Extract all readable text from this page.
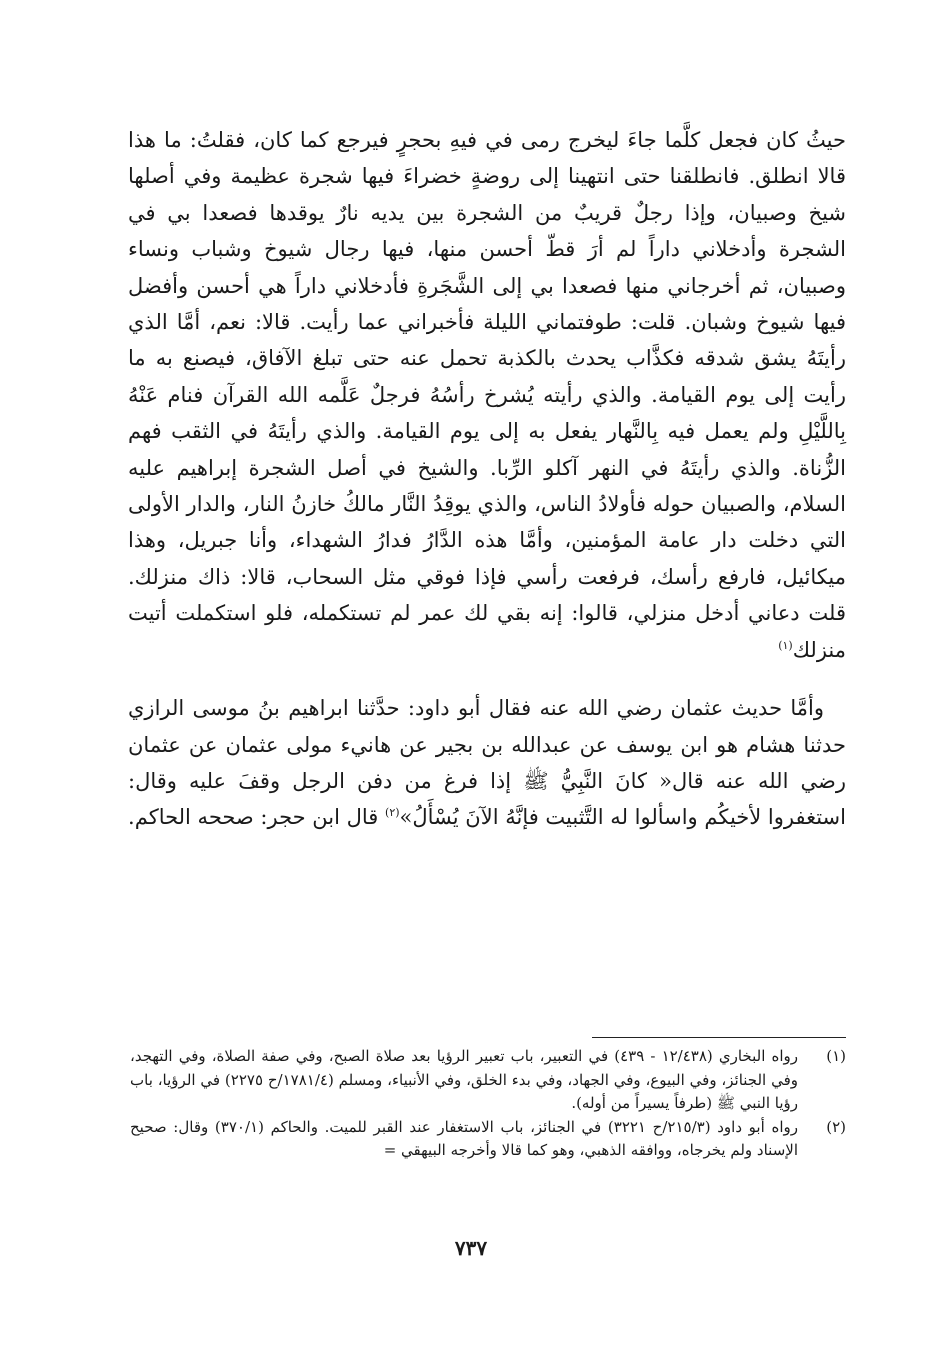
حيثُ كان فجعل كلَّما جاءَ ليخرج رمى في فيهِ بحجرٍ فيرجع كما كان، فقلتُ: ما هذا قالا انطلق. فانطلقنا حتى انتهينا إلى روضةٍ خضراءَ فيها شجرة عظيمة وفي أصلها شيخ وصبيان، وإذا رجلٌ قريبٌ من الشجرة بين يديه نارٌ يوقدها فصعدا بي في الشجرة وأدخلاني داراً لم أرَ قطّ أحسن منها، فيها رجال شيوخ وشباب ونساء وصبيان، ثم أخرجاني منها فصعدا بي إلى الشَّجَرةِ فأدخلاني داراً هي أحسن وأفضل فيها شيوخ وشبان. قلت: طوفتماني الليلة فأخبراني عما رأيت. قالا: نعم، أمَّا الذي رأيتَهُ يشق شدقه فكذَّاب يحدث بالكذبة تحمل عنه حتى تبلغ الآفاق، فيصنع به ما رأيت إلى يوم القيامة. والذي رأيته يُشرخ رأسُهُ فرجلٌ عَلَّمه الله القرآن فنام عَنْهُ بِاللَّيْلِ ولم يعمل فيه بِالنَّهار يفعل به إلى يوم القيامة. والذي رأيتَهُ في الثقب فهم الزُّناة. والذي رأيتَهُ في النهر آكلو الرِّبا. والشيخ في أصل الشجرة إبراهيم عليه السلام، والصبيان حوله فأولادُ الناس، والذي يوقِدُ النَّار مالكُ خازنُ النار، والدار الأولى التي دخلت دار عامة المؤمنين، وأمَّا هذه الدَّارُ فدارُ الشهداء، وأنا جبريل، وهذا ميكائيل، فارفع رأسك، فرفعت رأسي فإذا فوقي مثل السحاب، قالا: ذاك منزلك. قلت دعاني أدخل منزلي، قالوا: إنه بقي لك عمر لم تستكمله، فلو استكملت أتيت منزلك$^{(١)}$

وأمَّا حديث عثمان رضي الله عنه فقال أبو داود: حدَّثنا ابراهيم بنُ موسى الرازي حدثنا هشام هو ابن يوسف عن عبدالله بن بجير عن هانيء مولى عثمان عن عثمان رضي الله عنه قال« كانَ النَّبِيُّ ﷺ إذا فرغ من دفن الرجل وقفَ عليه وقال: استغفروا لأخيكُم واسألوا له التَّثبيت فإنَّهُ الآنَ يُسْأَلُ»$^{(٢)}$ قال ابن حجر: صححه الحاكم.

(١)
رواه البخاري (١٢/٤٣٨ - ٤٣٩) في التعبير، باب تعبير الرؤيا بعد صلاة الصبح، وفي صفة الصلاة، وفي التهجد، وفي الجنائز، وفي البيوع، وفي الجهاد، وفي بدء الخلق، وفي الأنبياء، ومسلم (١٧٨١/٤/ح ٢٢٧٥) في الرؤيا، باب رؤيا النبي ﷺ (طرفاً يسيراً من أوله).
(٢)
رواه أبو داود (٢١٥/٣/ح ٣٢٢١) في الجنائز، باب الاستغفار عند القبر للميت. والحاكم (٣٧٠/١) وقال: صحيح الإسناد ولم يخرجاه، ووافقه الذهبي، وهو كما قالا وأخرجه البيهقي =
٧٣٧
